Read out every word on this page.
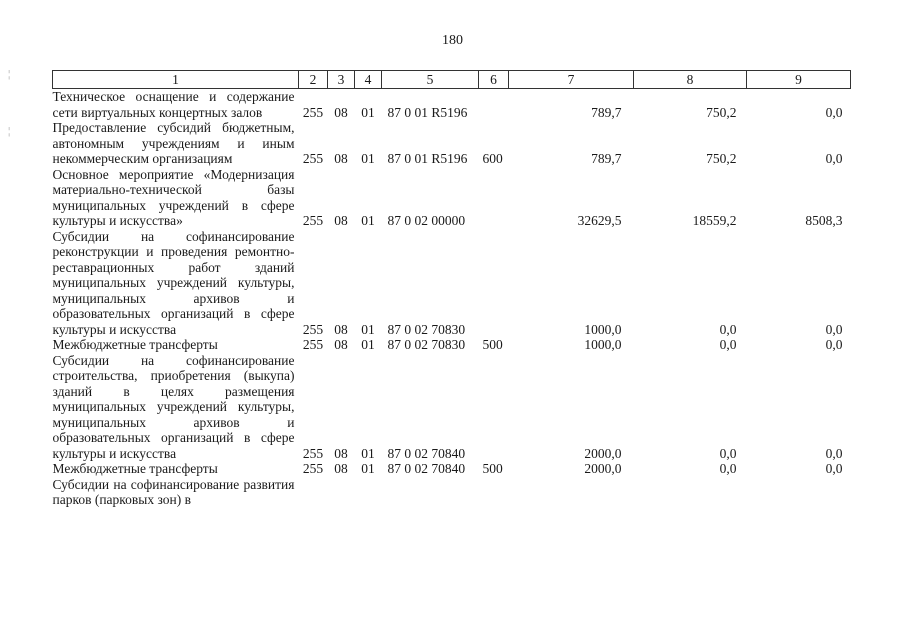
180
¦
¦
1	2	3	4	5	6	7	8	9
Техническое оснащение и содержание сети виртуальных концертных залов	255	08	01	87 0 01 R5196		789,7	750,2	0,0
Предоставление субсидий бюджетным, автономным учреждениям и иным некоммерческим организациям	255	08	01	87 0 01 R5196	600	789,7	750,2	0,0
Основное мероприятие «Модернизация материально-технической базы муниципальных учреждений в сфере культуры и искусства»	255	08	01	87 0 02 00000		32629,5	18559,2	8508,3
Субсидии на софинансирование реконструкции и проведения ремонтно-реставрационных работ зданий муниципальных учреждений культуры, муниципальных архивов и образовательных организаций в сфере культуры и искусства	255	08	01	87 0 02 70830		1000,0	0,0	0,0
Межбюджетные трансферты	255	08	01	87 0 02 70830	500	1000,0	0,0	0,0
Субсидии на софинансирование строительства, приобретения (выкупа) зданий в целях размещения муниципальных учреждений культуры, муниципальных архивов и образовательных организаций в сфере культуры и искусства	255	08	01	87 0 02 70840		2000,0	0,0	0,0
Межбюджетные трансферты	255	08	01	87 0 02 70840	500	2000,0	0,0	0,0
Субсидии на софинансирование развития парков (парковых зон) в								
